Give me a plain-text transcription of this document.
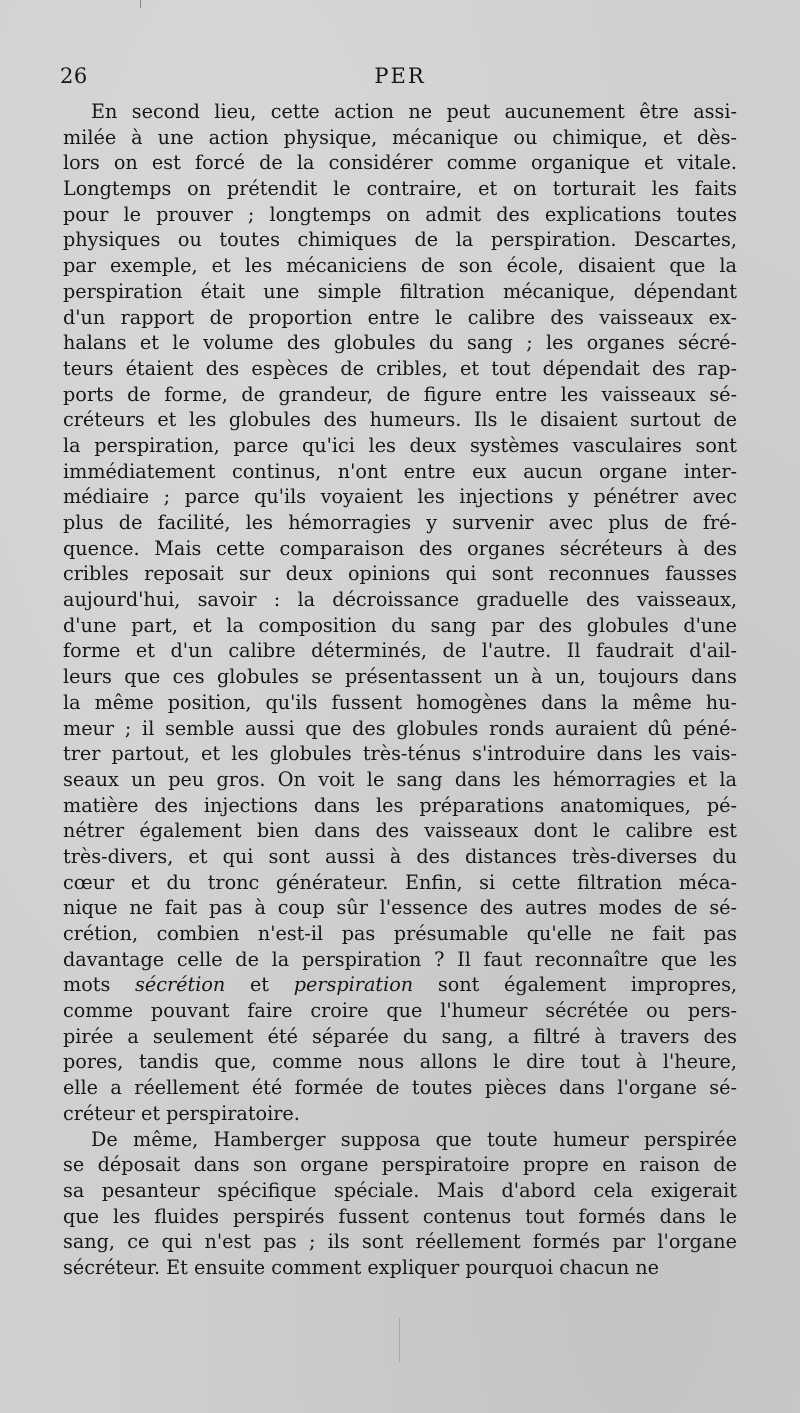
26	PER
En second lieu, cette action ne peut aucunement être assi-
milée à une action physique, mécanique ou chimique, et dès-
lors on est forcé de la considérer comme organique et vitale.
Longtemps on prétendit le contraire, et on torturait les faits
pour le prouver ; longtemps on admit des explications toutes
physiques ou toutes chimiques de la perspiration. Descartes,
par exemple, et les mécaniciens de son école, disaient que la
perspiration était une simple filtration mécanique, dépendant
d'un rapport de proportion entre le calibre des vaisseaux ex-
halans et le volume des globules du sang ; les organes sécré-
teurs étaient des espèces de cribles, et tout dépendait des rap-
ports de forme, de grandeur, de figure entre les vaisseaux sé-
créteurs et les globules des humeurs. Ils le disaient surtout de
la perspiration, parce qu'ici les deux systèmes vasculaires sont
immédiatement continus, n'ont entre eux aucun organe inter-
médiaire ; parce qu'ils voyaient les injections y pénétrer avec
plus de facilité, les hémorragies y survenir avec plus de fré-
quence. Mais cette comparaison des organes sécréteurs à des
cribles reposait sur deux opinions qui sont reconnues fausses
aujourd'hui, savoir : la décroissance graduelle des vaisseaux,
d'une part, et la composition du sang par des globules d'une
forme et d'un calibre déterminés, de l'autre. Il faudrait d'ail-
leurs que ces globules se présentassent un à un, toujours dans
la même position, qu'ils fussent homogènes dans la même hu-
meur ; il semble aussi que des globules ronds auraient dû péné-
trer partout, et les globules très-ténus s'introduire dans les vais-
seaux un peu gros. On voit le sang dans les hémorragies et la
matière des injections dans les préparations anatomiques, pé-
nétrer également bien dans des vaisseaux dont le calibre est
très-divers, et qui sont aussi à des distances très-diverses du
cœur et du tronc générateur. Enfin, si cette filtration méca-
nique ne fait pas à coup sûr l'essence des autres modes de sé-
crétion, combien n'est-il pas présumable qu'elle ne fait pas
davantage celle de la perspiration ? Il faut reconnaître que les
mots sécrétion et perspiration sont également impropres,
comme pouvant faire croire que l'humeur sécrétée ou pers-
pirée a seulement été séparée du sang, a filtré à travers des
pores, tandis que, comme nous allons le dire tout à l'heure,
elle a réellement été formée de toutes pièces dans l'organe sé-
créteur et perspiratoire.
De même, Hamberger supposa que toute humeur perspirée
se déposait dans son organe perspiratoire propre en raison de
sa pesanteur spécifique spéciale. Mais d'abord cela exigerait
que les fluides perspirés fussent contenus tout formés dans le
sang, ce qui n'est pas ; ils sont réellement formés par l'organe
sécréteur. Et ensuite comment expliquer pourquoi chacun ne
